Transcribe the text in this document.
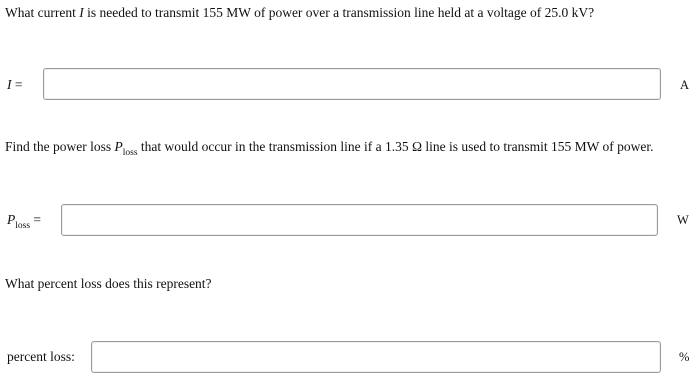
What current I is needed to transmit 155 MW of power over a transmission line held at a voltage of 25.0 kV?
I =	A
Find the power loss $P_{loss}$ that would occur in the transmission line if a 1.35 Ω line is used to transmit 155 MW of power.
$P_{loss}$ =	W
What percent loss does this represent?
percent loss:	%
